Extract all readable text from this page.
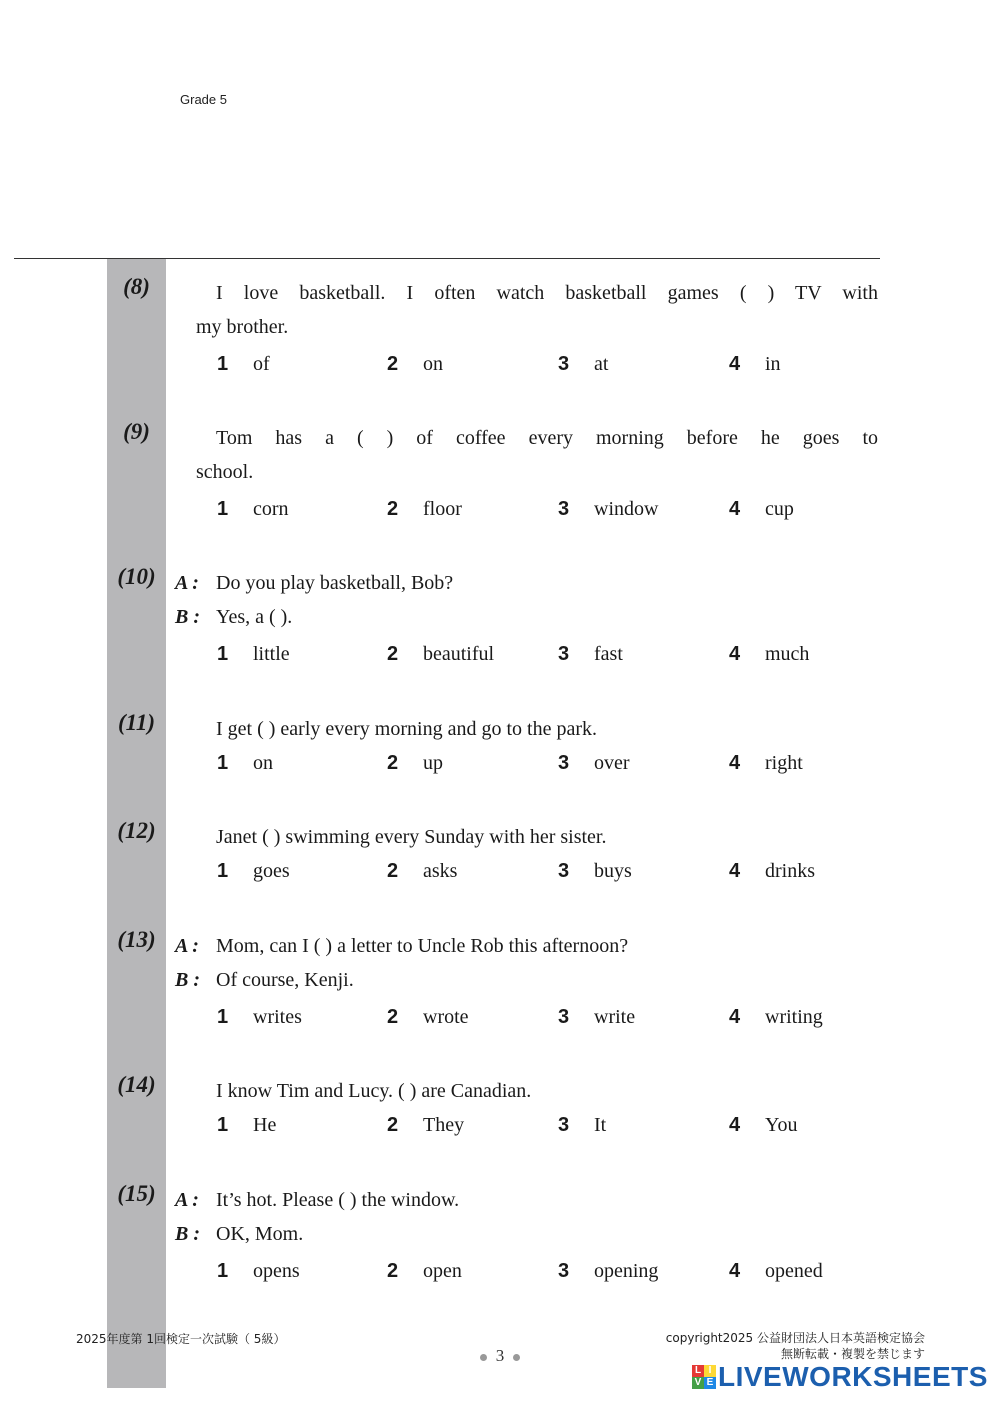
Grade 5
(8)	I love basketball. I often watch basketball games ( ) TV with
my brother.
1 of	2 on	3 at	4 in
(9)	Tom has a ( ) of coffee every morning before he goes to
school.
1 corn	2 floor	3 window	4 cup
(10) A : Do you play basketball, Bob?
B : Yes, a ( ).
1 little	2 beautiful	3 fast	4 much
(11)	I get ( ) early every morning and go to the park.
1 on	2 up	3 over	4 right
(12)	Janet ( ) swimming every Sunday with her sister.
1 goes	2 asks	3 buys	4 drinks
(13) A : Mom, can I ( ) a letter to Uncle Rob this afternoon?
B : Of course, Kenji.
1 writes	2 wrote	3 write	4 writing
(14)	I know Tim and Lucy. ( ) are Canadian.
1 He	2 They	3 It	4 You
(15) A : It’s hot. Please ( ) the window.
B : OK, Mom.
1 opens	2 open	3 opening	4 opened
2025年度第 1回検定一次試験（ 5級）
3
copyright2025 公益財団法人日本英語検定協会
無断転載・複製を禁じます
L I
V E LIVEWORKSHEETS
